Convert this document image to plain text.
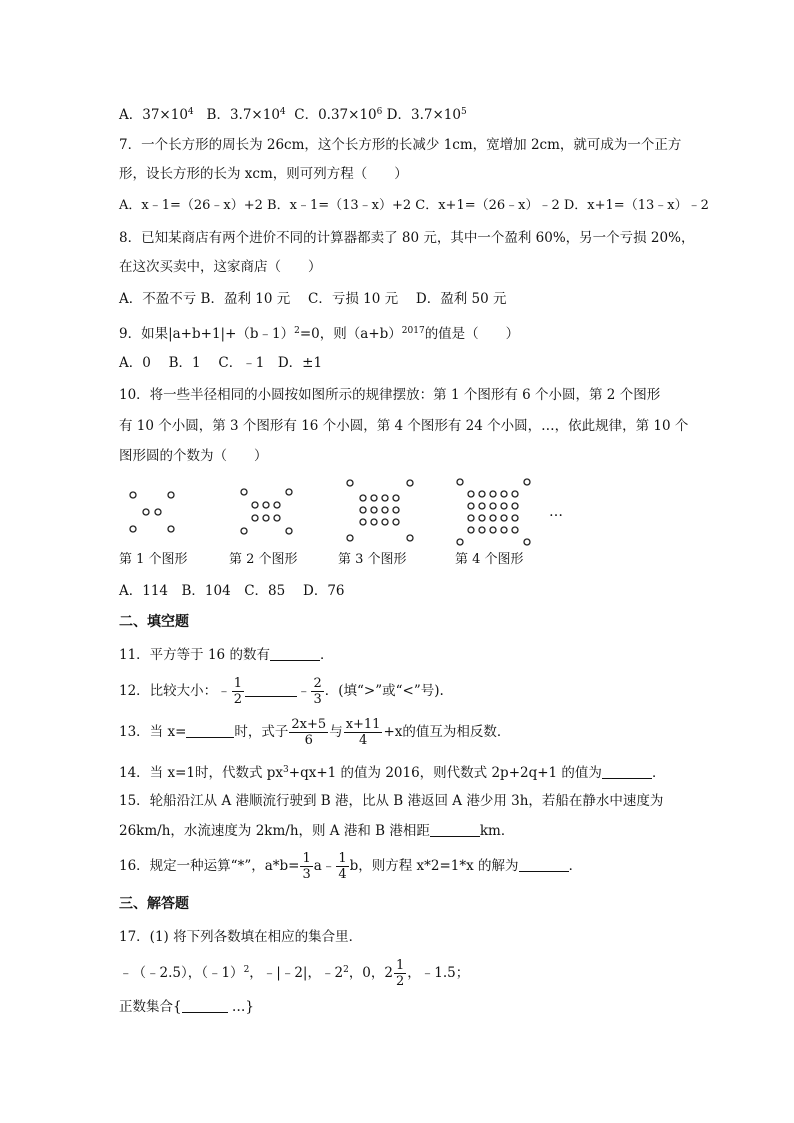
A．$37\times 10^4$ B．$3.7\times 10^4$ C．$0.37\times 10^6$ D．$3.7\times 10^5$
7．一个长方形的周长为 26cm，这个长方形的长减少 1cm，宽增加 2cm，就可成为一个正方
形，设长方形的长为 xcm，则可列方程（　　）
A．x﹣1=（26﹣x）+2 B．x﹣1=（13﹣x）+2 C．x+1=（26﹣x）﹣2 D．x+1=（13﹣x）﹣2
8．已知某商店有两个进价不同的计算器都卖了 80 元，其中一个盈利 60%，另一个亏损 20%，
在这次买卖中，这家商店（　　）
A．不盈不亏 B．盈利 10 元　 C．亏损 10 元　 D．盈利 50 元
9．如果|a+b+1|+（b﹣1）$^2$=0，则$(a+b)^{2017}$的值是（　　）
A．0　 B．1　 C．﹣1　D．±1
10．将一些半径相同的小圆按如图所示的规律摆放：第 1 个图形有 6 个小圆，第 2 个图形
有 10 个小圆，第 3 个图形有 16 个小圆，第 4 个图形有 24 个小圆，…，依此规律，第 10 个
图形圆的个数为（　　）
…
第 1 个图形	第 2 个图形	第 3 个图形	第 4 个图形
A．114　B．104　C．85　 D．76
二、填空题
11．平方等于 16 的数有	．
12．比较大小：﹣ $\frac{1}{2}$	﹣ $\frac{2}{3}$ ．(填“>”或“<”号).
13．当 x=	时，式子 $\frac{2x+5}{6}$ 与 $\frac{x+11}{4} +x$的值互为相反数．
14．当 x=1时，代数式 $px^3+qx+1$ 的值为 2016，则代数式 2p+2q+1 的值为	．
15．轮船沿江从 A 港顺流行驶到 B 港，比从 B 港返回 A 港少用 3h，若船在静水中速度为
26km/h，水流速度为 2km/h，则 A 港和 B 港相距	km．
16．规定一种运算“*”，$a*b= \frac{1}{3}$ a﹣ $\frac{1}{4}$ b，则方程 x*2=1*x 的解为	．
三、解答题
17．(1) 将下列各数填在相应的集合里．
﹣（﹣2.5），（﹣1）$^2$，﹣|﹣2|，$﹣2^2$，0，$2 \frac{1}{2}$ ，﹣1.5；
正数集合{	…}
